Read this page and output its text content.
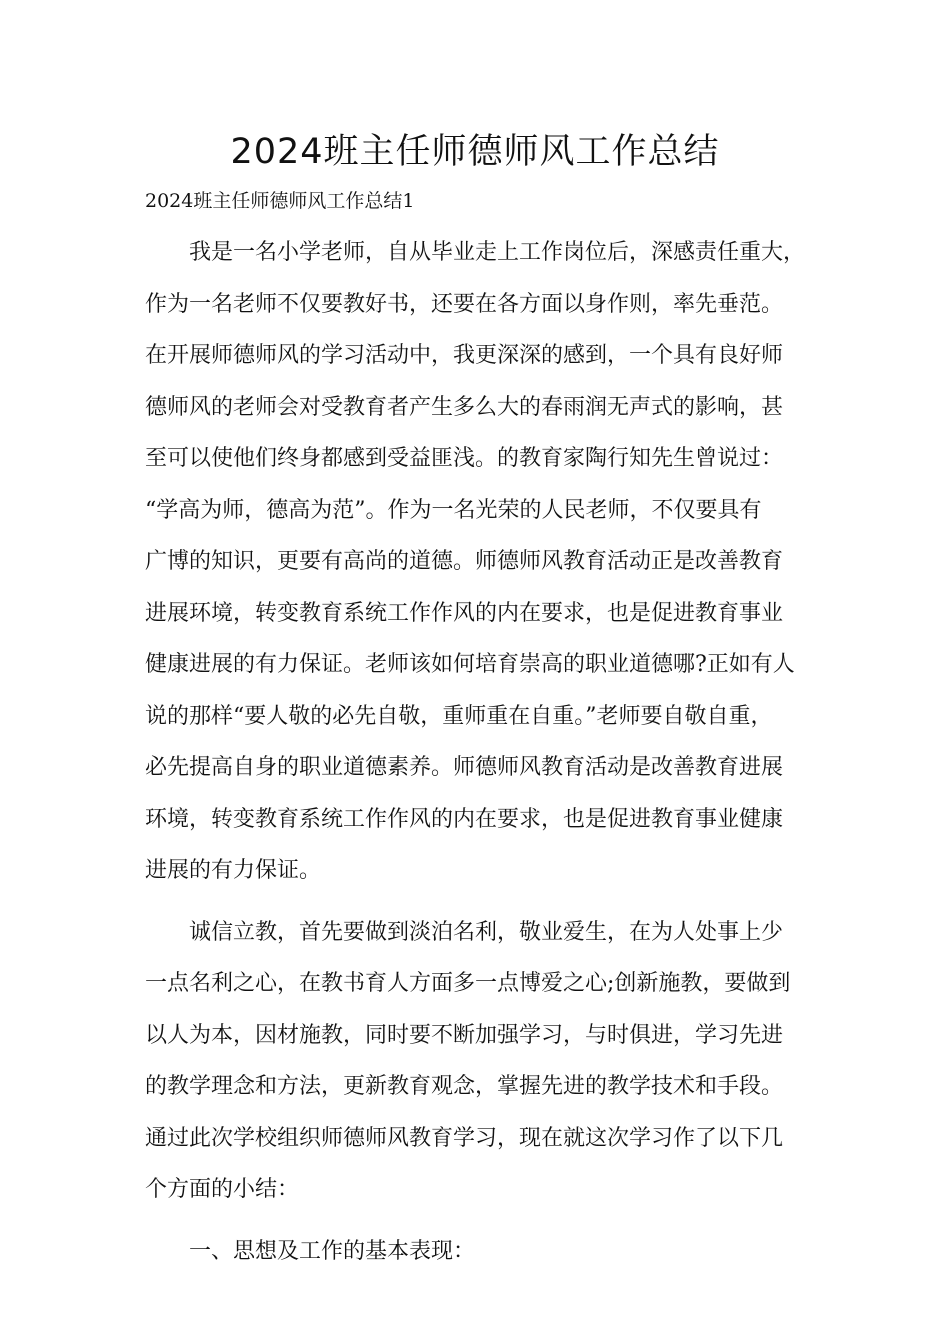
2024班主任师德师风工作总结
2024班主任师德师风工作总结1

我是一名小学老师，自从毕业走上工作岗位后，深感责任重大，
作为一名老师不仅要教好书，还要在各方面以身作则，率先垂范。
在开展师德师风的学习活动中，我更深深的感到，一个具有良好师
德师风的老师会对受教育者产生多么大的春雨润无声式的影响，甚
至可以使他们终身都感到受益匪浅。的教育家陶行知先生曾说过：
“学高为师，德高为范”。作为一名光荣的人民老师，不仅要具有
广博的知识，更要有高尚的道德。师德师风教育活动正是改善教育
进展环境，转变教育系统工作作风的内在要求，也是促进教育事业
健康进展的有力保证。老师该如何培育崇高的职业道德哪?正如有人
说的那样“要人敬的必先自敬，重师重在自重。”老师要自敬自重，
必先提高自身的职业道德素养。师德师风教育活动是改善教育进展
环境，转变教育系统工作作风的内在要求，也是促进教育事业健康
进展的有力保证。

诚信立教，首先要做到淡泊名利，敬业爱生，在为人处事上少
一点名利之心，在教书育人方面多一点博爱之心;创新施教，要做到
以人为本，因材施教，同时要不断加强学习，与时俱进，学习先进
的教学理念和方法，更新教育观念，掌握先进的教学技术和手段。
通过此次学校组织师德师风教育学习，现在就这次学习作了以下几
个方面的小结：

一、思想及工作的基本表现：
